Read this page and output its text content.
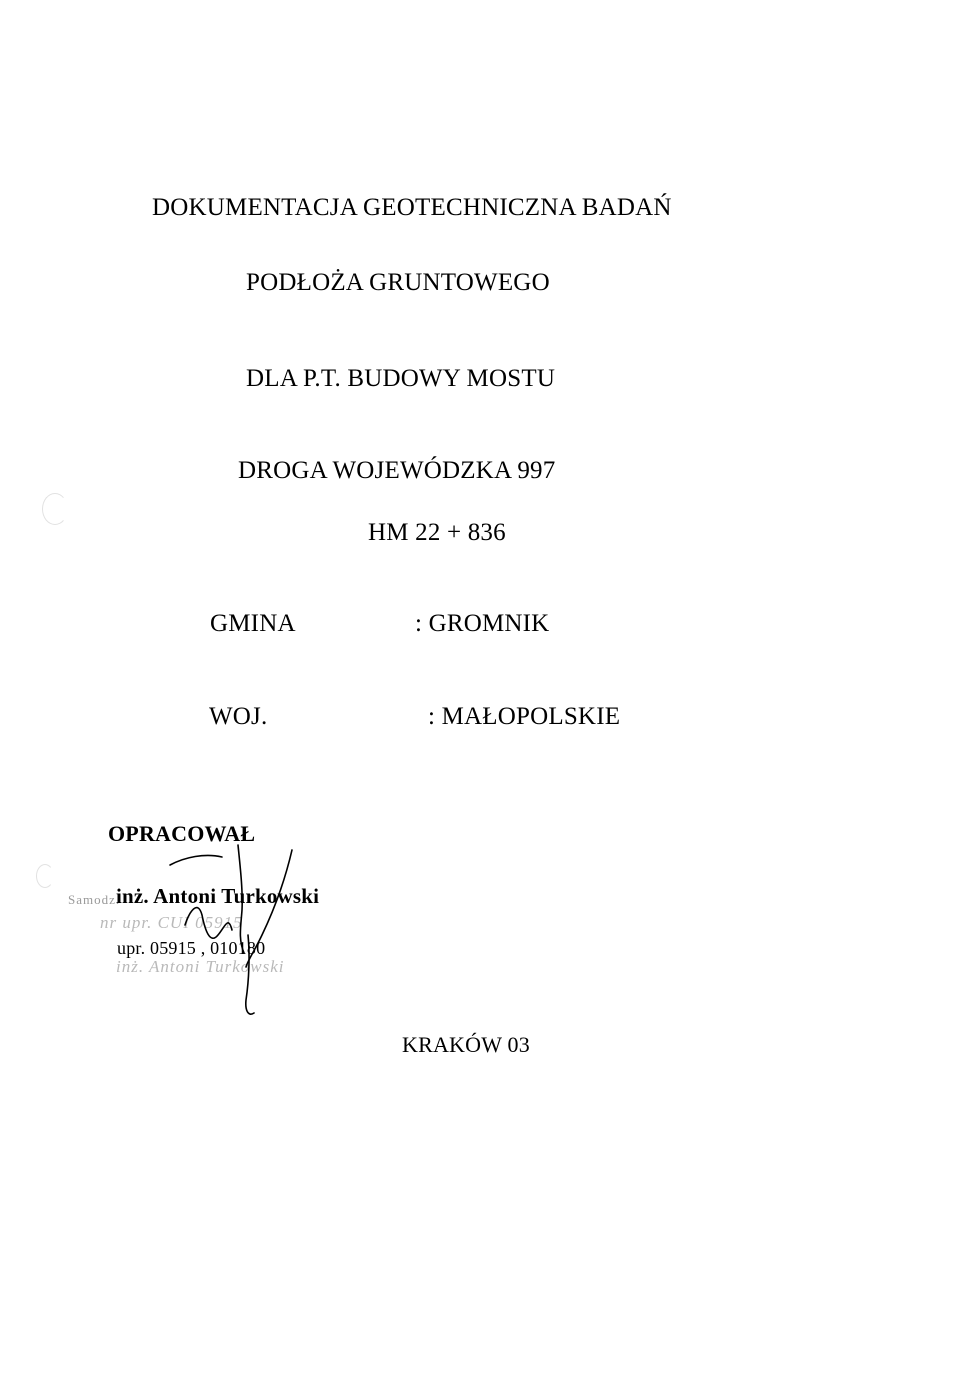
DOKUMENTACJA GEOTECHNICZNA BADAŃ
PODŁOŻA GRUNTOWEGO
DLA P.T. BUDOWY MOSTU
DROGA WOJEWÓDZKA 997
HM 22 + 836
GMINA	: GROMNIK
WOJ.	: MAŁOPOLSKIE
Samodz.
nr upr. CUI 05915
inż. Antoni Turkowski
OPRACOWAŁ
inż. Antoni Turkowski
upr. 05915 , 010180
KRAKÓW 03
